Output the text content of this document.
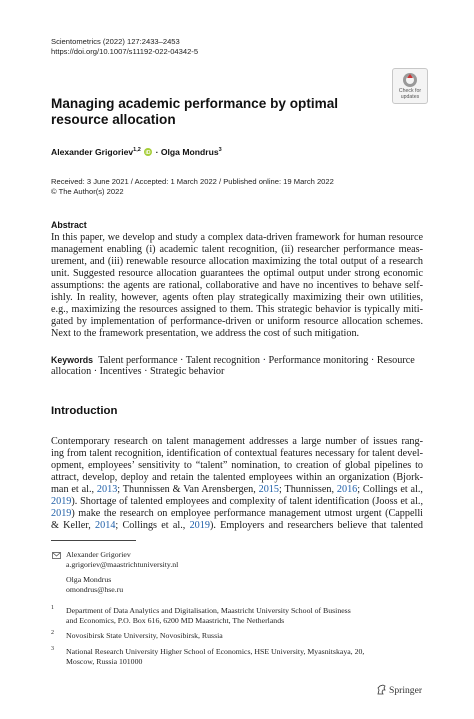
Scientometrics (2022) 127:2433–2453
https://doi.org/10.1007/s11192-022-04342-5
Check for
updates
Managing academic performance by optimal resource allocation
Alexander Grigoriev$^{1,2}$
iD · Olga Mondrus$^3$
Received: 3 June 2021 / Accepted: 1 March 2022 / Published online: 19 March 2022
© The Author(s) 2022
Abstract
In this paper, we develop and study a complex data-driven framework for human resource
management enabling (i) academic talent recognition, (ii) researcher performance meas-
urement, and (iii) renewable resource allocation maximizing the total output of a research
unit. Suggested resource allocation guarantees the optimal output under strong economic
assumptions: the agents are rational, collaborative and have no incentives to behave self-
ishly. In reality, however, agents often play strategically maximizing their own utilities,
e.g., maximizing the resources assigned to them. This strategic behavior is typically miti-
gated by implementation of performance-driven or uniform resource allocation schemes.
Next to the framework presentation, we address the cost of such mitigation.
Keywords Talent performance · Talent recognition · Performance monitoring · Resource
allocation · Incentives · Strategic behavior
Introduction
Contemporary research on talent management addresses a large number of issues rang-
ing from talent recognition, identification of contextual features necessary for talent devel-
opment, employees’ sensitivity to “talent” nomination, to creation of global pipelines to
attract, develop, deploy and retain the talented employees within an organization (Bjork-
man et al., 2013; Thunnissen & Van Arensbergen, 2015; Thunnissen, 2016; Collings et al.,
2019). Shortage of talented employees and complexity of talent identification (Jooss et al.,
2019) make the research on employee performance management utmost urgent (Cappelli
& Keller, 2014; Collings et al., 2019). Employers and researchers believe that talented
Alexander Grigoriev
a.grigoriev@maastrichtuniversity.nl
Olga Mondrus
omondrus@hse.ru
1 Department of Data Analytics and Digitalisation, Maastricht University School of Business
and Economics, P.O. Box 616, 6200 MD Maastricht, The Netherlands
2 Novosibirsk State University, Novosibirsk, Russia
3 National Research University Higher School of Economics, HSE University, Myasnitskaya, 20,
Moscow, Russia 101000
Springer
